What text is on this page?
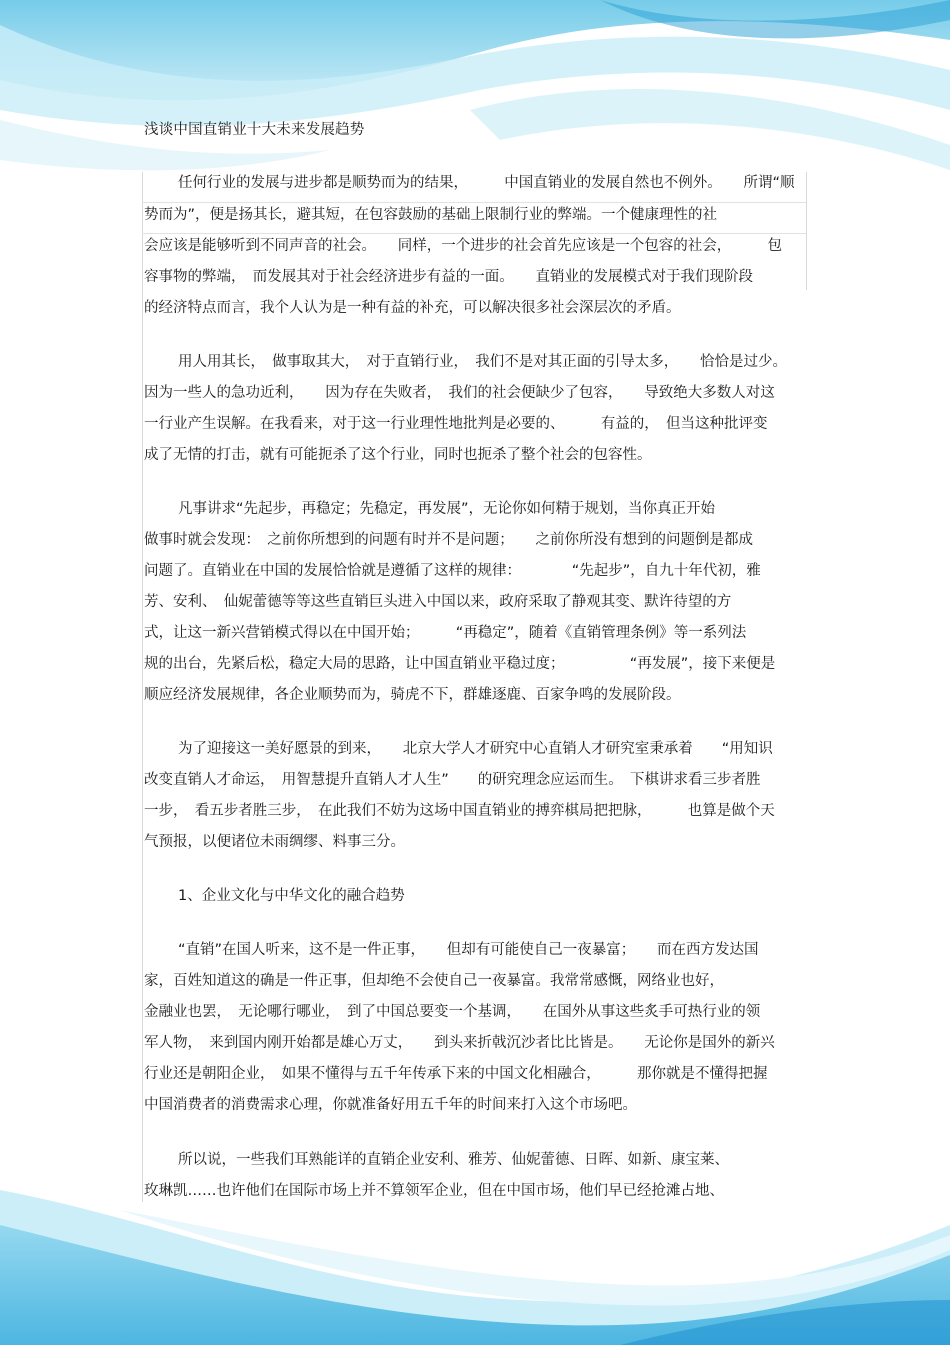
浅谈中国直销业十大未来发展趋势

任何行业的发展与进步都是顺势而为的结果，　　　中国直销业的发展自然也不例外。　　所谓“顺

势而为”，便是扬其长，避其短，在包容鼓励的基础上限制行业的弊端。一个健康理性的社

会应该是能够听到不同声音的社会。　　同样，一个进步的社会首先应该是一个包容的社会，　　　包

容事物的弊端，　而发展其对于社会经济进步有益的一面。　　直销业的发展模式对于我们现阶段

的经济特点而言，我个人认为是一种有益的补充，可以解决很多社会深层次的矛盾。

用人用其长，　做事取其大，　对于直销行业，　我们不是对其正面的引导太多，　　恰恰是过少。

因为一些人的急功近利，　　因为存在失败者，　我们的社会便缺少了包容，　　导致绝大多数人对这

一行业产生误解。在我看来，对于这一行业理性地批判是必要的、　　　有益的，　但当这种批评变

成了无情的打击，就有可能扼杀了这个行业，同时也扼杀了整个社会的包容性。

凡事讲求“先起步，再稳定；先稳定，再发展”，无论你如何精于规划，当你真正开始

做事时就会发现：　之前你所想到的问题有时并不是问题；　　之前你所没有想到的问题倒是都成

问题了。直销业在中国的发展恰恰就是遵循了这样的规律：　　　　“先起步”，自九十年代初，雅

芳、安利、　仙妮蕾德等等这些直销巨头进入中国以来，政府采取了静观其变、默许待望的方

式，让这一新兴营销模式得以在中国开始；　　　“再稳定”，随着《直销管理条例》等一系列法

规的出台，先紧后松，稳定大局的思路，让中国直销业平稳过度；　　　　　“再发展”，接下来便是

顺应经济发展规律，各企业顺势而为，骑虎不下，群雄逐鹿、百家争鸣的发展阶段。

为了迎接这一美好愿景的到来，　　北京大学人才研究中心直销人才研究室秉承着　　“用知识

改变直销人才命运，　用智慧提升直销人才人生”　　的研究理念应运而生。　下棋讲求看三步者胜

一步，　看五步者胜三步，　在此我们不妨为这场中国直销业的搏弈棋局把把脉，　　　也算是做个天

气预报，以便诸位未雨绸缪、料事三分。

1、企业文化与中华文化的融合趋势

“直销”在国人听来，这不是一件正事，　　但却有可能使自己一夜暴富；　　而在西方发达国

家，百姓知道这的确是一件正事，但却绝不会使自己一夜暴富。我常常感慨，网络业也好，

金融业也罢，　无论哪行哪业，　到了中国总要变一个基调，　　在国外从事这些炙手可热行业的领

军人物，　来到国内刚开始都是雄心万丈，　　到头来折戟沉沙者比比皆是。　　无论你是国外的新兴

行业还是朝阳企业，　如果不懂得与五千年传承下来的中国文化相融合，　　　那你就是不懂得把握

中国消费者的消费需求心理，你就准备好用五千年的时间来打入这个市场吧。

所以说，一些我们耳熟能详的直销企业安利、雅芳、仙妮蕾德、日晖、如新、康宝莱、

玫琳凯……也许他们在国际市场上并不算领军企业，但在中国市场，他们早已经抢滩占地、
